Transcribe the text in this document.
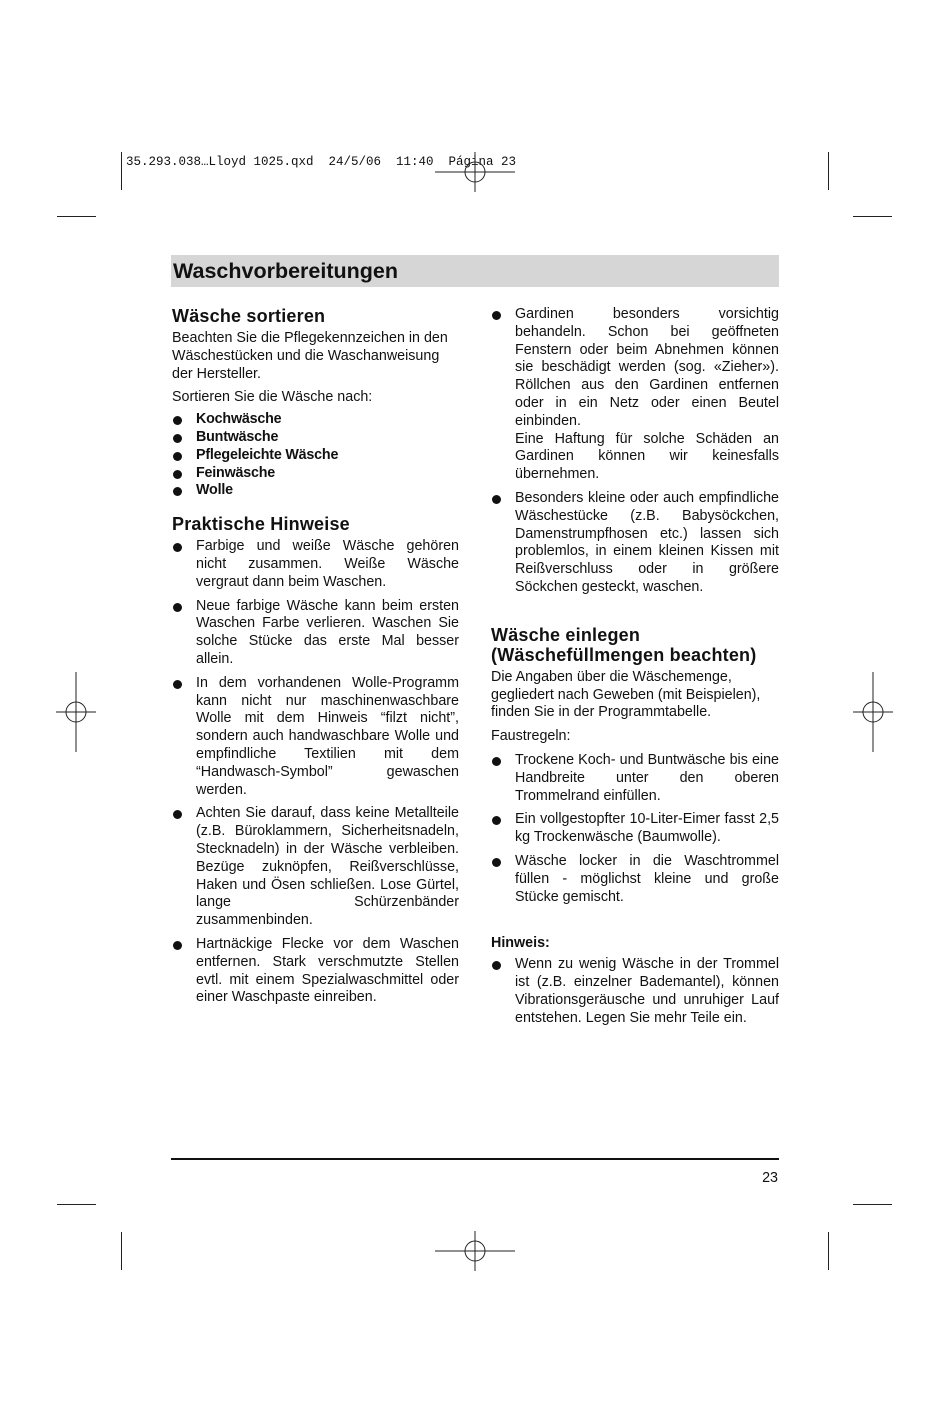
35.293.038…Lloyd 1025.qxd  24/5/06  11:40  Página 23
Waschvorbereitungen
Wäsche sortieren

Beachten Sie die Pflegekennzeichen in den Wäschestücken und die Waschanweisung der Hersteller.

Sortieren Sie die Wäsche nach:

Kochwäsche
Buntwäsche
Pflegeleichte Wäsche
Feinwäsche
Wolle
Praktische Hinweise
Farbige und weiße Wäsche gehören nicht zusammen. Weiße Wäsche vergraut dann beim Waschen.
Neue farbige Wäsche kann beim ersten Waschen Farbe verlieren. Waschen Sie solche Stücke das erste Mal besser allein.
In dem vorhandenen Wolle-Programm kann nicht nur maschinenwaschbare Wolle mit dem Hinweis “filzt nicht”, sondern auch handwaschbare Wolle und empfindliche Textilien mit dem “Handwasch-Symbol” gewaschen werden.
Achten Sie darauf, dass keine Metallteile (z.B. Büroklammern, Sicherheitsnadeln, Stecknadeln) in der Wäsche verbleiben. Bezüge zuknöpfen, Reißverschlüsse, Haken und Ösen schließen. Lose Gürtel, lange Schürzenbänder zusammenbinden.
Hartnäckige Flecke vor dem Waschen entfernen. Stark verschmutzte Stellen evtl. mit einem Spezialwaschmittel oder einer Waschpaste einreiben.
Gardinen besonders vorsichtig behandeln. Schon bei geöffneten Fenstern oder beim Abnehmen können sie beschädigt werden (sog. «Zieher»). Röllchen aus den Gardinen entfernen oder in ein Netz oder einen Beutel einbinden.
Eine Haftung für solche Schäden an Gardinen können wir keinesfalls übernehmen.
Besonders kleine oder auch empfindliche Wäschestücke (z.B. Babysöckchen, Damenstrumpfhosen etc.) lassen sich problemlos, in einem kleinen Kissen mit Reißverschluss oder in größere Söckchen gesteckt, waschen.
Wäsche einlegen (Wäschefüllmengen beachten)

Die Angaben über die Wäschemenge, gegliedert nach Geweben (mit Beispielen), finden Sie in der Programmtabelle.

Faustregeln:

Trockene Koch- und Buntwäsche bis eine Handbreite unter den oberen Trommelrand einfüllen.
Ein vollgestopfter 10-Liter-Eimer fasst 2,5 kg Trockenwäsche (Baumwolle).
Wäsche locker in die Waschtrommel füllen - möglichst kleine und große Stücke gemischt.
Hinweis:
Wenn zu wenig Wäsche in der Trommel ist (z.B. einzelner Bademantel), können Vibrationsgeräusche und unruhiger Lauf entstehen. Legen Sie mehr Teile ein.
23
